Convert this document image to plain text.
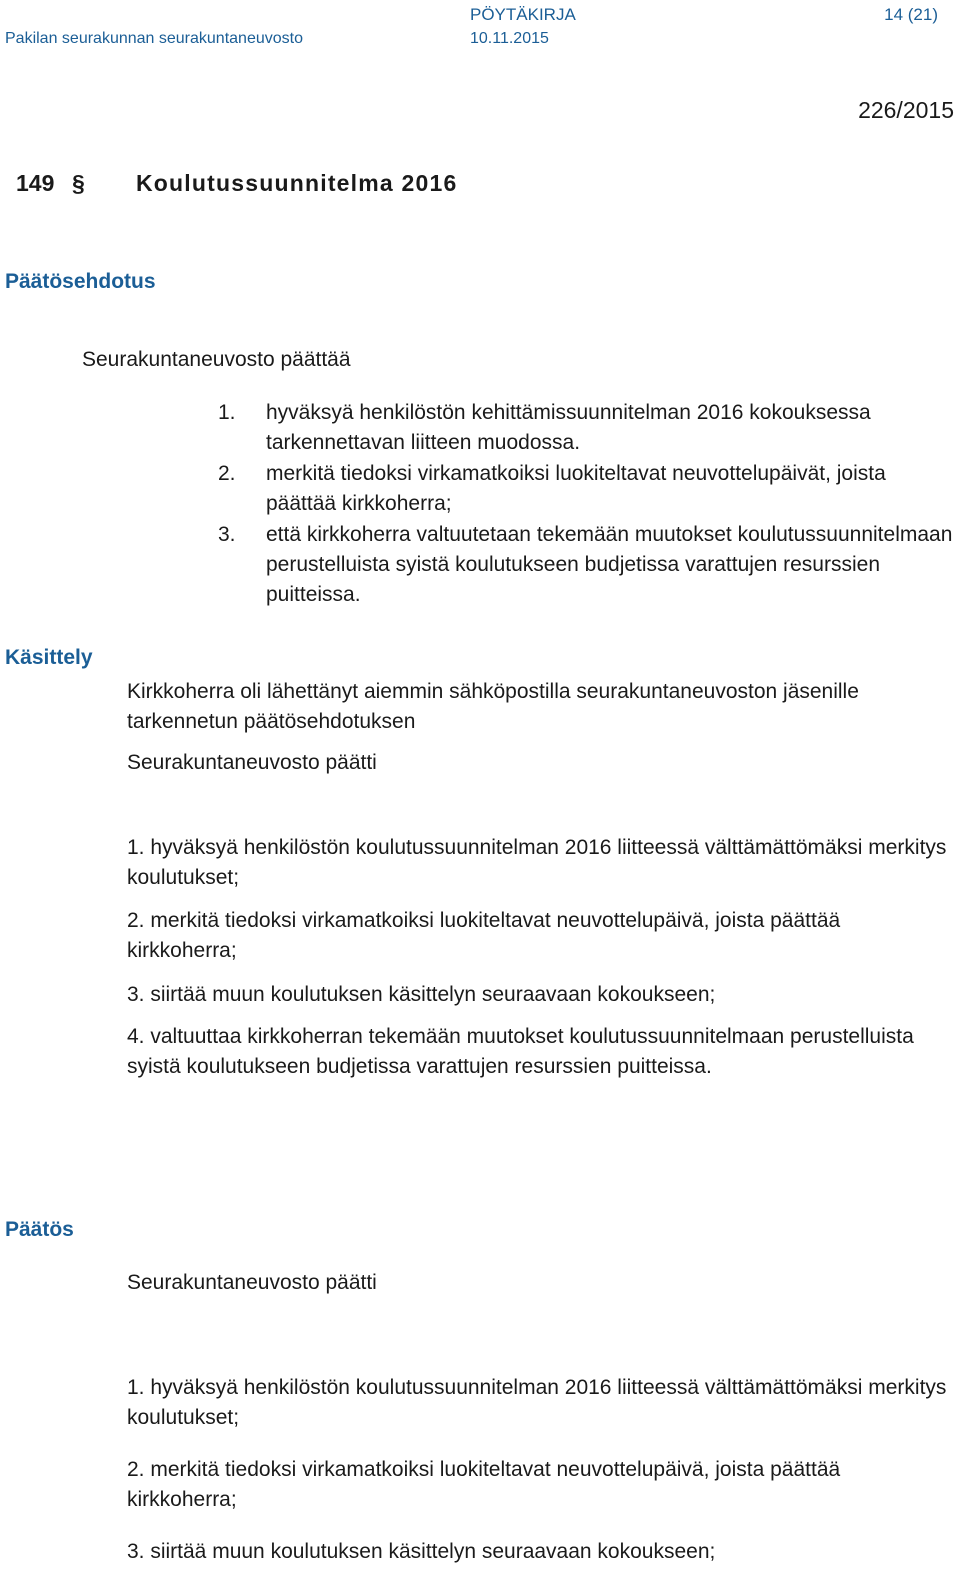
Pakilan seurakunnan seurakuntaneuvosto
PÖYTÄKIRJA
10.11.2015
14 (21)
226/2015
149 § Koulutussuunnitelma 2016
Päätösehdotus
Seurakuntaneuvosto päättää
1. hyväksyä henkilöstön kehittämissuunnitelman 2016 kokouksessa tarkennettavan liitteen muodossa.
2. merkitä tiedoksi virkamatkoiksi luokiteltavat neuvottelupäivät, joista päättää kirkkoherra;
3. että kirkkoherra valtuutetaan tekemään muutokset koulutussuunnitelmaan perustelluista syistä koulutukseen budjetissa varattujen resurssien puitteissa.
Käsittely
Kirkkoherra oli lähettänyt aiemmin sähköpostilla seurakuntaneuvoston jäsenille tarkennetun päätösehdotuksen
Seurakuntaneuvosto päätti
1. hyväksyä henkilöstön koulutussuunnitelman 2016 liitteessä välttämättömäksi merkitys koulutukset;
2. merkitä tiedoksi virkamatkoiksi luokiteltavat neuvottelupäivä, joista päättää kirkkoherra;
3. siirtää muun koulutuksen käsittelyn seuraavaan kokoukseen;
4. valtuuttaa kirkkoherran tekemään muutokset koulutussuunnitelmaan perustelluista syistä koulutukseen budjetissa varattujen resurssien puitteissa.
Päätös
Seurakuntaneuvosto päätti
1. hyväksyä henkilöstön koulutussuunnitelman 2016 liitteessä välttämättömäksi merkitys koulutukset;
2. merkitä tiedoksi virkamatkoiksi luokiteltavat neuvottelupäivä, joista päättää kirkkoherra;
3. siirtää muun koulutuksen käsittelyn seuraavaan kokoukseen;
